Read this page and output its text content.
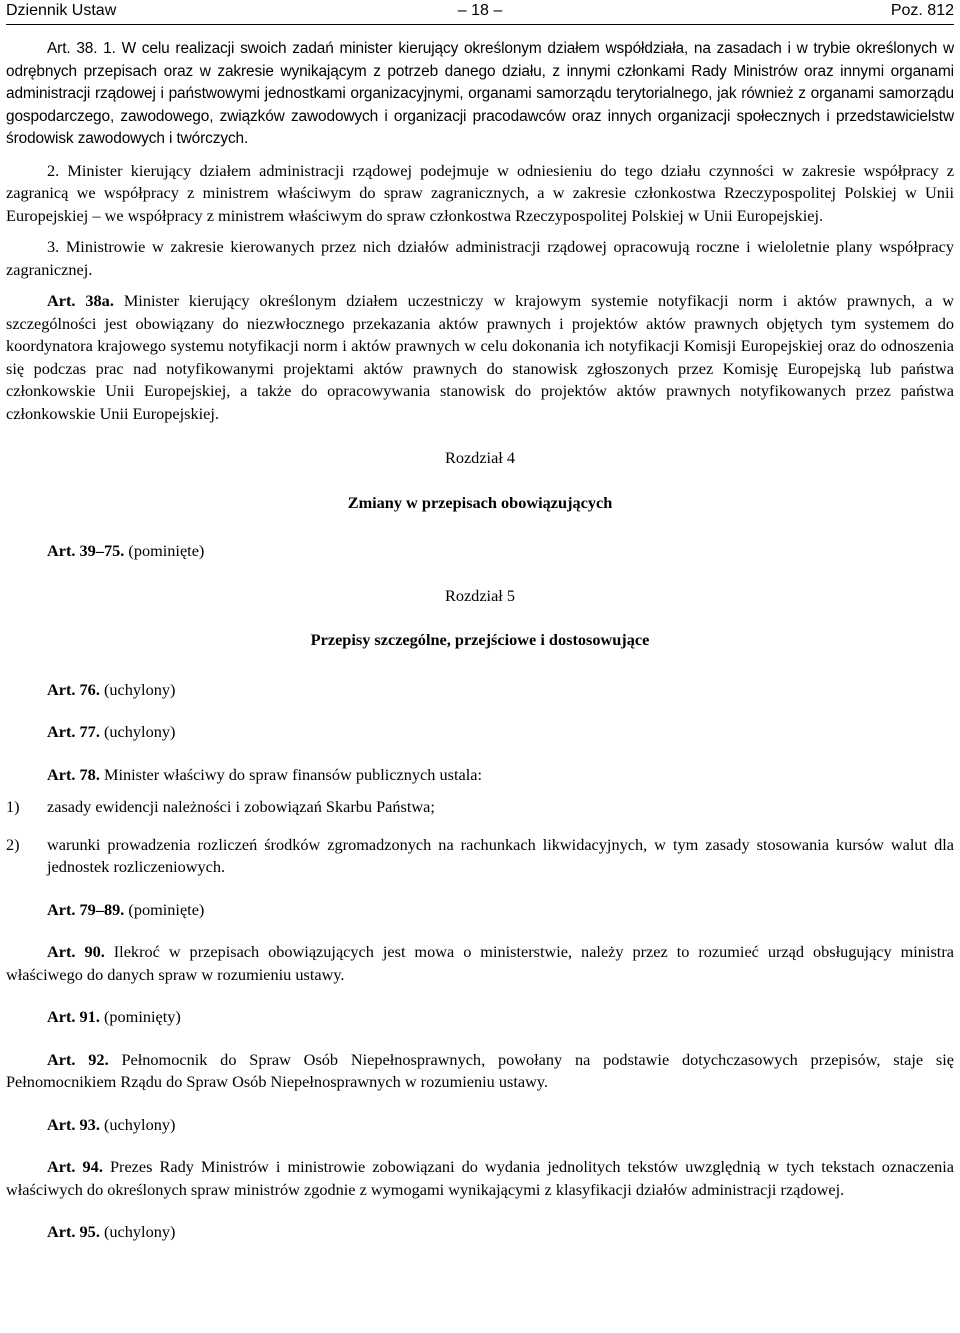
Dziennik Ustaw	– 18 –	Poz. 812

Art. 38. 1. W celu realizacji swoich zadań minister kierujący określonym działem współdziała, na zasadach i w trybie określonych w odrębnych przepisach oraz w zakresie wynikającym z potrzeb danego działu, z innymi członkami Rady Ministrów oraz innymi organami administracji rządowej i państwowymi jednostkami organizacyjnymi, organami samorządu terytorialnego, jak również z organami samorządu gospodarczego, zawodowego, związków zawodowych i organizacji pracodawców oraz innych organizacji społecznych i przedstawicielstw środowisk zawodowych i twórczych.

2. Minister kierujący działem administracji rządowej podejmuje w odniesieniu do tego działu czynności w zakresie współpracy z zagranicą we współpracy z ministrem właściwym do spraw zagranicznych, a w zakresie członkostwa Rzeczypospolitej Polskiej w Unii Europejskiej – we współpracy z ministrem właściwym do spraw członkostwa Rzeczypospolitej Polskiej w Unii Europejskiej.

3. Ministrowie w zakresie kierowanych przez nich działów administracji rządowej opracowują roczne i wieloletnie plany współpracy zagranicznej.

Art. 38a. Minister kierujący określonym działem uczestniczy w krajowym systemie notyfikacji norm i aktów prawnych, a w szczególności jest obowiązany do niezwłocznego przekazania aktów prawnych i projektów aktów prawnych objętych tym systemem do koordynatora krajowego systemu notyfikacji norm i aktów prawnych w celu dokonania ich notyfikacji Komisji Europejskiej oraz do odnoszenia się podczas prac nad notyfikowanymi projektami aktów prawnych do stanowisk zgłoszonych przez Komisję Europejską lub państwa członkowskie Unii Europejskiej, a także do opracowywania stanowisk do projektów aktów prawnych notyfikowanych przez państwa członkowskie Unii Europejskiej.

Rozdział 4

Zmiany w przepisach obowiązujących

Art. 39–75. (pominięte)

Rozdział 5

Przepisy szczególne, przejściowe i dostosowujące

Art. 76. (uchylony)

Art. 77. (uchylony)

Art. 78. Minister właściwy do spraw finansów publicznych ustala:

1) zasady ewidencji należności i zobowiązań Skarbu Państwa;
2) warunki prowadzenia rozliczeń środków zgromadzonych na rachunkach likwidacyjnych, w tym zasady stosowania kursów walut dla jednostek rozliczeniowych.

Art. 79–89. (pominięte)

Art. 90. Ilekroć w przepisach obowiązujących jest mowa o ministerstwie, należy przez to rozumieć urząd obsługujący ministra właściwego do danych spraw w rozumieniu ustawy.

Art. 91. (pominięty)

Art. 92. Pełnomocnik do Spraw Osób Niepełnosprawnych, powołany na podstawie dotychczasowych przepisów, staje się Pełnomocnikiem Rządu do Spraw Osób Niepełnosprawnych w rozumieniu ustawy.

Art. 93. (uchylony)

Art. 94. Prezes Rady Ministrów i ministrowie zobowiązani do wydania jednolitych tekstów uwzględnią w tych tekstach oznaczenia właściwych do określonych spraw ministrów zgodnie z wymogami wynikającymi z klasyfikacji działów administracji rządowej.

Art. 95. (uchylony)
